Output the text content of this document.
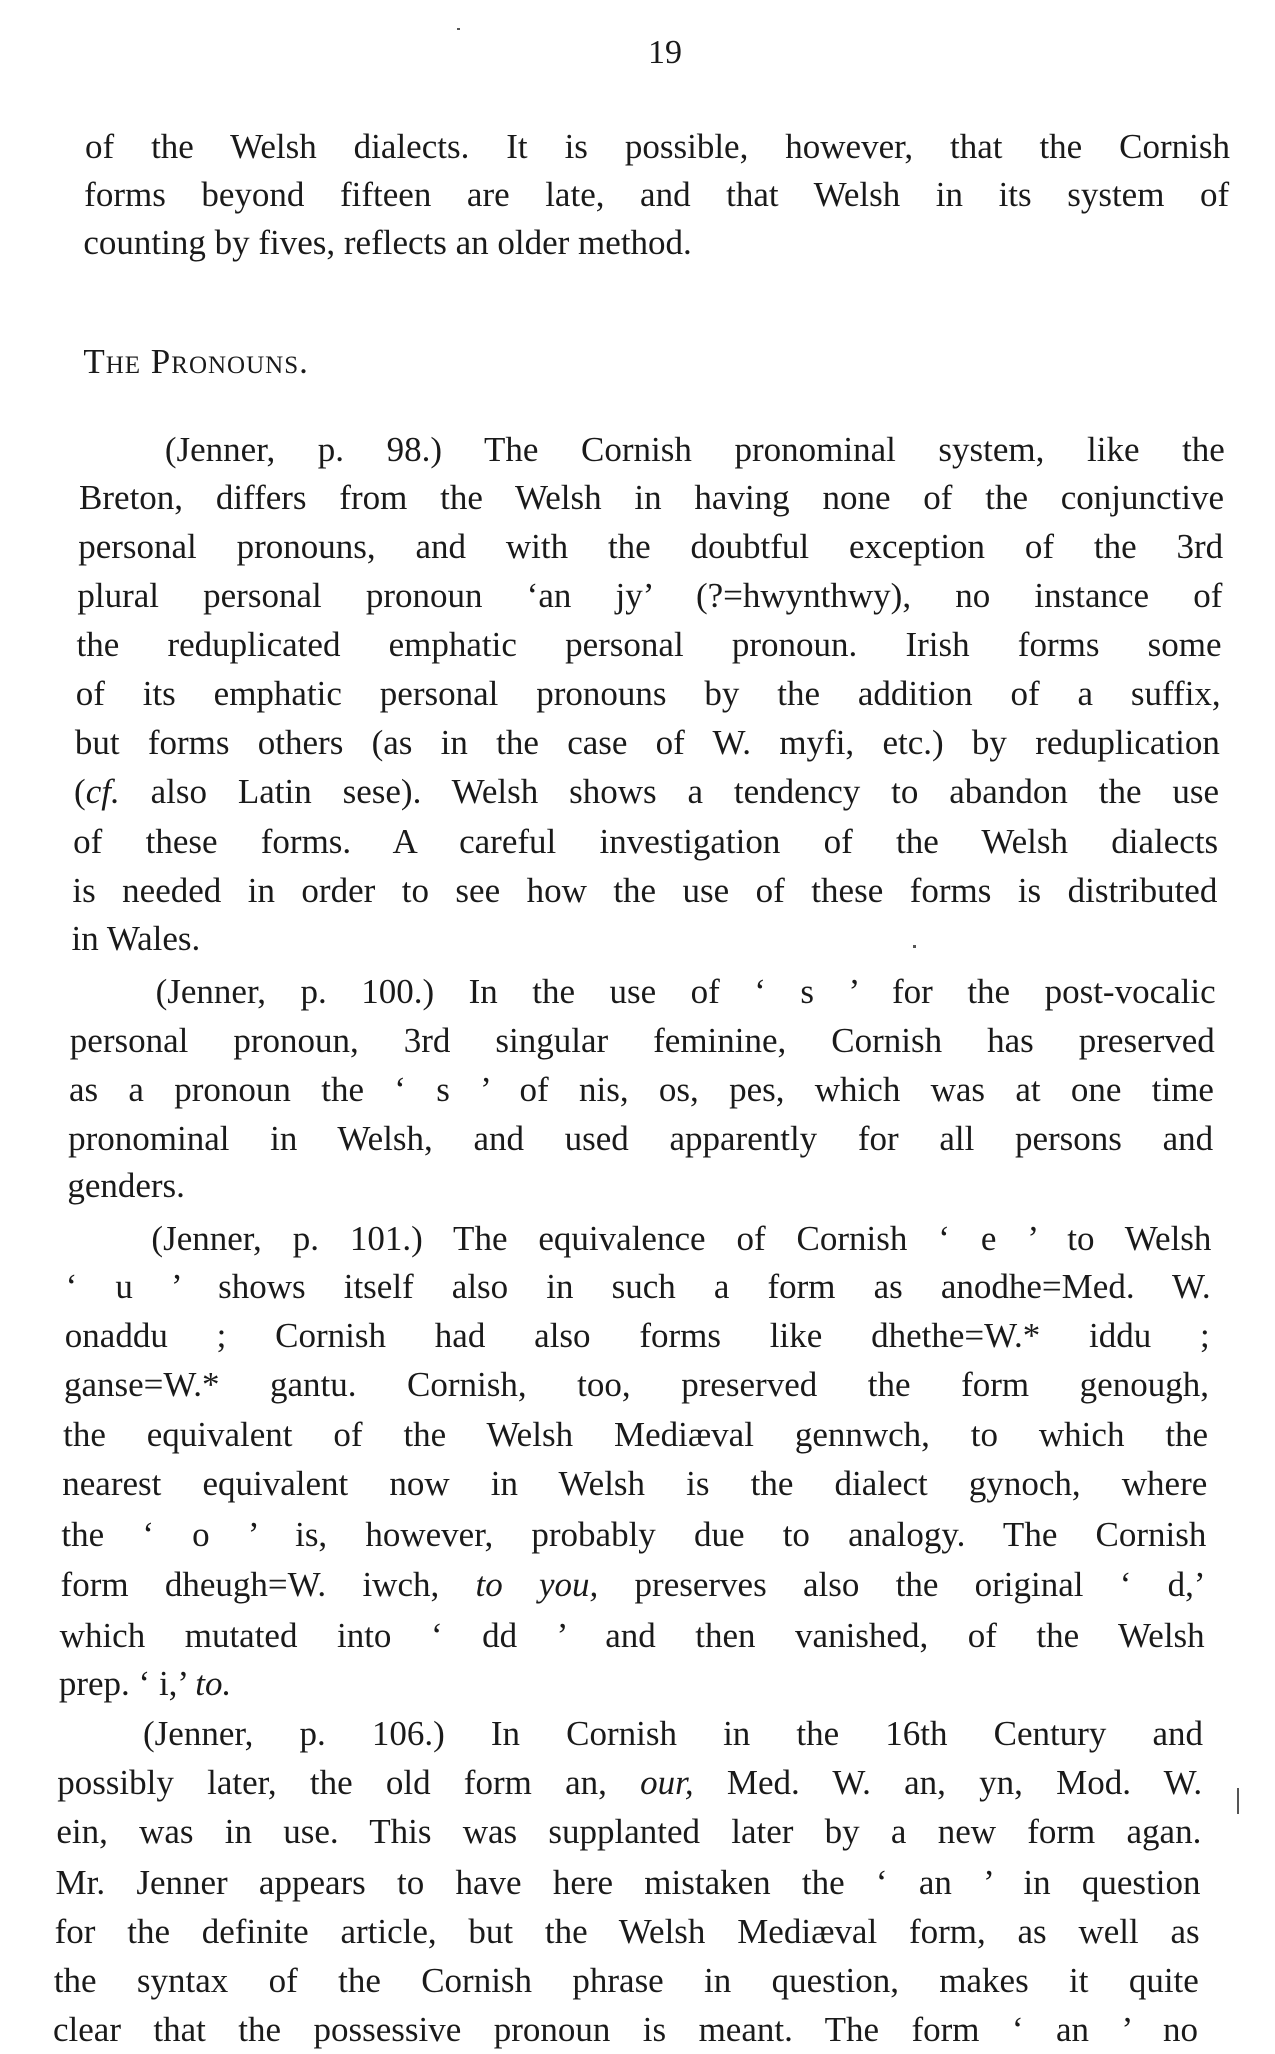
19
The Pronouns.
of the Welsh dialects. It is possible, however, that the Cornish
forms beyond fifteen are late, and that Welsh in its system of
counting by fives, reflects an older method.
(Jenner, p. 98.) The Cornish pronominal system, like the
Breton, differs from the Welsh in having none of the conjunctive
personal pronouns, and with the doubtful exception of the 3rd
plural personal pronoun ‘an jy’ (?=hwynthwy), no instance of
the reduplicated emphatic personal pronoun. Irish forms some
of its emphatic personal pronouns by the addition of a suffix,
but forms others (as in the case of W. myfi, etc.) by reduplication
(cf. also Latin sese). Welsh shows a tendency to abandon the use
of these forms. A careful investigation of the Welsh dialects
is needed in order to see how the use of these forms is distributed
in Wales.
(Jenner, p. 100.) In the use of ‘ s ’ for the post-vocalic
personal pronoun, 3rd singular feminine, Cornish has preserved
as a pronoun the ‘ s ’ of nis, os, pes, which was at one time
pronominal in Welsh, and used apparently for all persons and
genders.
(Jenner, p. 101.) The equivalence of Cornish ‘ e ’ to Welsh
‘ u ’ shows itself also in such a form as anodhe=Med. W.
onaddu ; Cornish had also forms like dhethe=W.* iddu ;
ganse=W.* gantu. Cornish, too, preserved the form genough,
the equivalent of the Welsh Mediæval gennwch, to which the
nearest equivalent now in Welsh is the dialect gynoch, where
the ‘ o ’ is, however, probably due to analogy. The Cornish
form dheugh=W. iwch, to you, preserves also the original ‘ d,’
which mutated into ‘ dd ’ and then vanished, of the Welsh
prep. ‘ i,’ to.
(Jenner, p. 106.) In Cornish in the 16th Century and
possibly later, the old form an, our, Med. W. an, yn, Mod. W.
ein, was in use. This was supplanted later by a new form agan.
Mr. Jenner appears to have here mistaken the ‘ an ’ in question
for the definite article, but the Welsh Mediæval form, as well as
the syntax of the Cornish phrase in question, makes it quite
clear that the possessive pronoun is meant. The form ‘ an ’ no
